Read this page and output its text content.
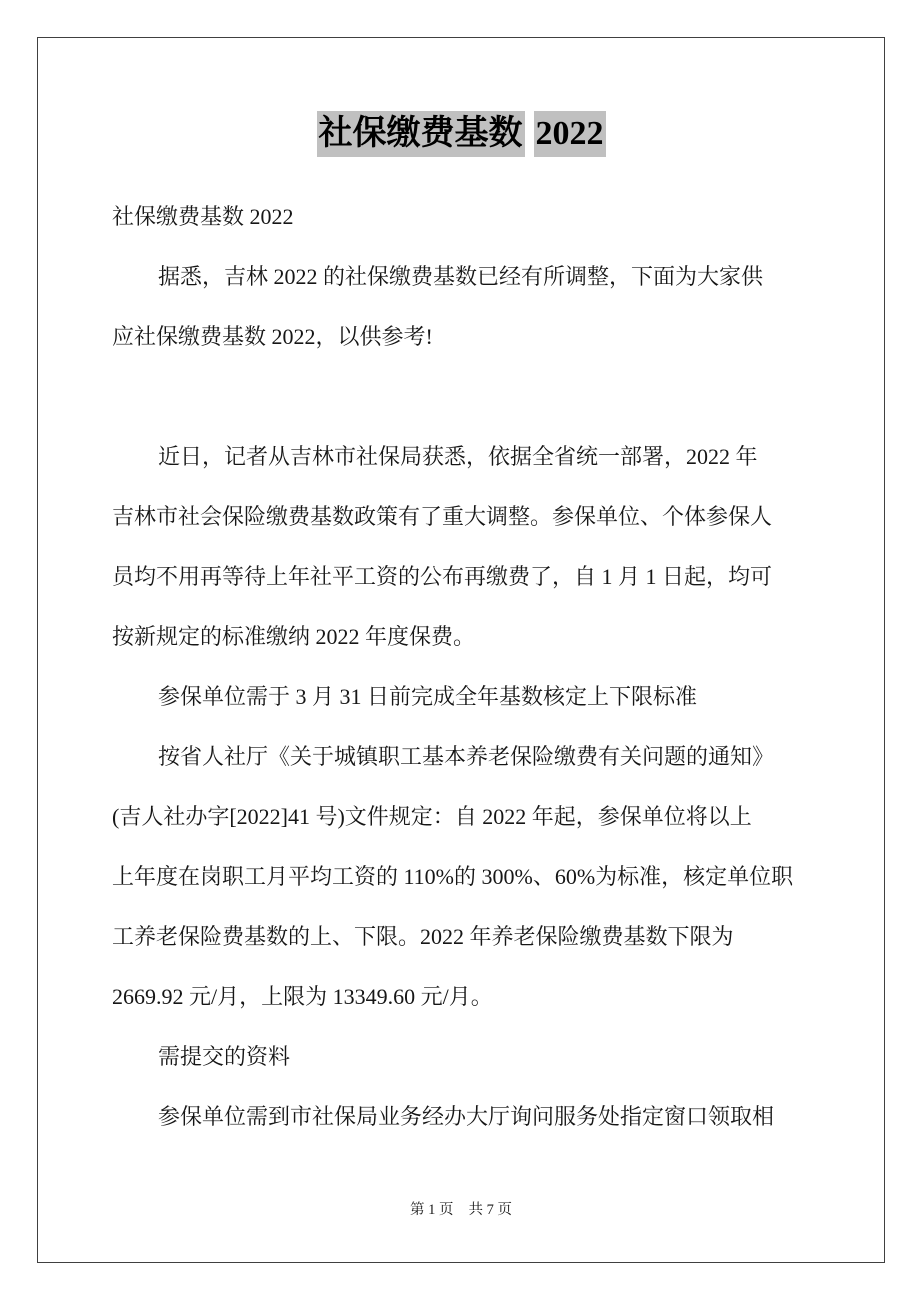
社保缴费基数 2022
社保缴费基数 2022
据悉，吉林 2022 的社保缴费基数已经有所调整，下面为大家供
应社保缴费基数 2022，以供参考!
近日，记者从吉林市社保局获悉，依据全省统一部署，2022 年
吉林市社会保险缴费基数政策有了重大调整。参保单位、个体参保人
员均不用再等待上年社平工资的公布再缴费了，自 1 月 1 日起，均可
按新规定的标准缴纳 2022 年度保费。
参保单位需于 3 月 31 日前完成全年基数核定上下限标准
按省人社厅《关于城镇职工基本养老保险缴费有关问题的通知》
(吉人社办字[2022]41 号)文件规定：自 2022 年起，参保单位将以上
上年度在岗职工月平均工资的 110%的 300%、60%为标准，核定单位职
工养老保险费基数的上、下限。2022 年养老保险缴费基数下限为
2669.92 元/月，上限为 13349.60 元/月。
需提交的资料
参保单位需到市社保局业务经办大厅询问服务处指定窗口领取相
第 1 页 共 7 页
